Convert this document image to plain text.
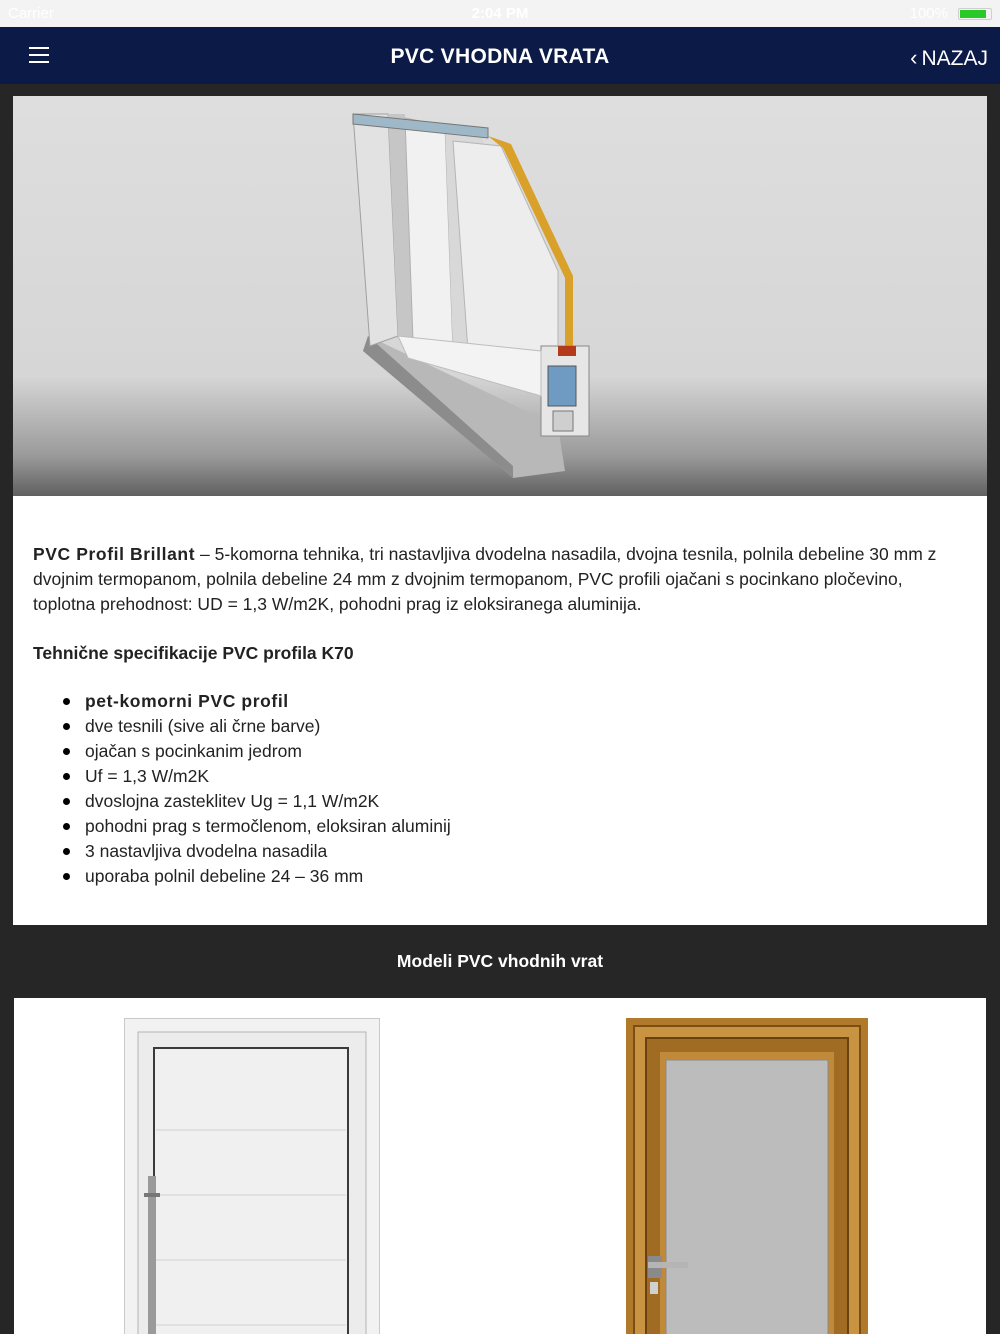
Carrier	2:04 PM	100%
PVC VHODNA VRATA	‹ NAZAJ

PVC Profil Brillant – 5-komorna tehnika, tri nastavljiva dvodelna nasadila, dvojna tesnila, polnila debeline 30 mm z dvojnim termopanom, polnila debeline 24 mm z dvojnim termopanom, PVC profili ojačani s pocinkano pločevino, toplotna prehodnost: UD = 1,3 W/m2K, pohodni prag iz eloksiranega aluminija.

Tehnične specifikacije PVC profila K70
pet-komorni PVC profil
dve tesnili (sive ali črne barve)
ojačan s pocinkanim jedrom
Uf = 1,3 W/m2K
dvoslojna zasteklitev Ug = 1,1 W/m2K
pohodni prag s termočlenom, eloksiran aluminij
3 nastavljiva dvodelna nasadila
uporaba polnil debeline 24 – 36 mm
Modeli PVC vhodnih vrat
